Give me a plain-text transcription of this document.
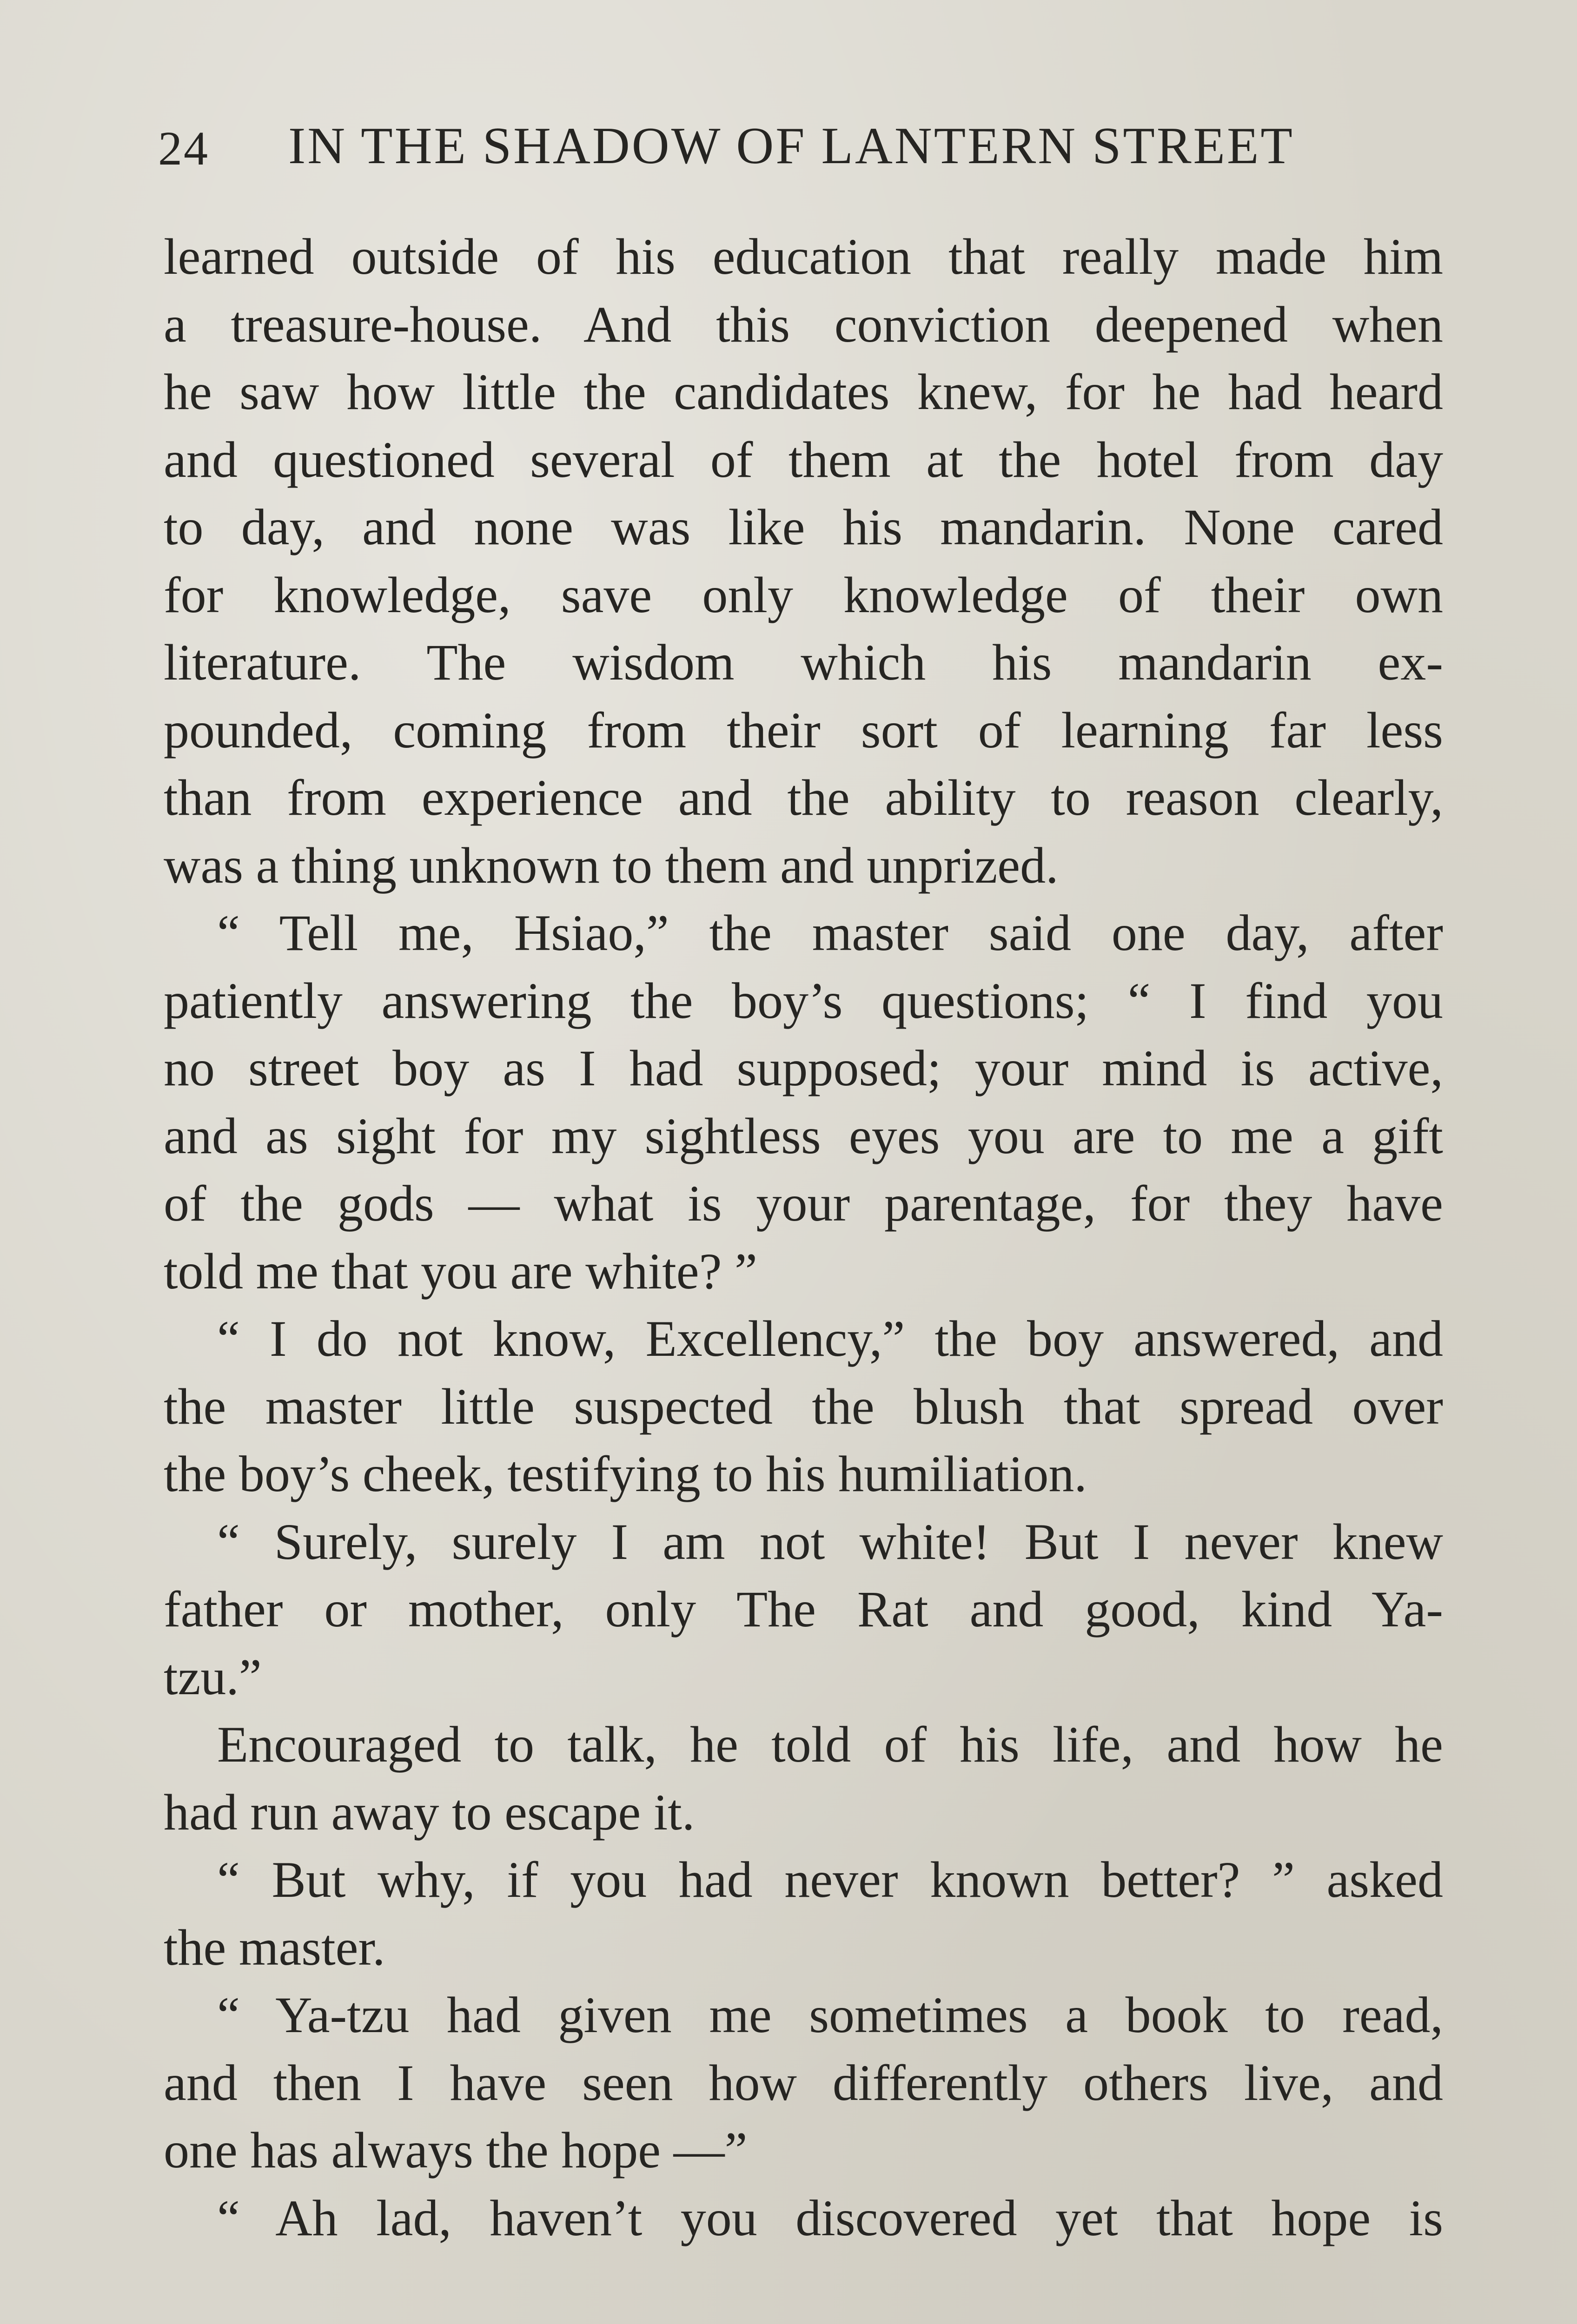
24 IN THE SHADOW OF LANTERN STREET
learned outside of his education that really made him
a treasure-house. And this conviction deepened when
he saw how little the candidates knew, for he had heard
and questioned several of them at the hotel from day
to day, and none was like his mandarin. None cared
for knowledge, save only knowledge of their own
literature. The wisdom which his mandarin ex-
pounded, coming from their sort of learning far less
than from experience and the ability to reason clearly,
was a thing unknown to them and unprized.
“ Tell me, Hsiao,” the master said one day, after
patiently answering the boy’s questions; “ I find you
no street boy as I had supposed; your mind is active,
and as sight for my sightless eyes you are to me a gift
of the gods — what is your parentage, for they have
told me that you are white? ”
“ I do not know, Excellency,” the boy answered, and
the master little suspected the blush that spread over
the boy’s cheek, testifying to his humiliation.
“ Surely, surely I am not white! But I never knew
father or mother, only The Rat and good, kind Ya-
tzu.”
Encouraged to talk, he told of his life, and how he
had run away to escape it.
“ But why, if you had never known better? ” asked
the master.
“ Ya-tzu had given me sometimes a book to read,
and then I have seen how differently others live, and
one has always the hope —”
“ Ah lad, haven’t you discovered yet that hope is
